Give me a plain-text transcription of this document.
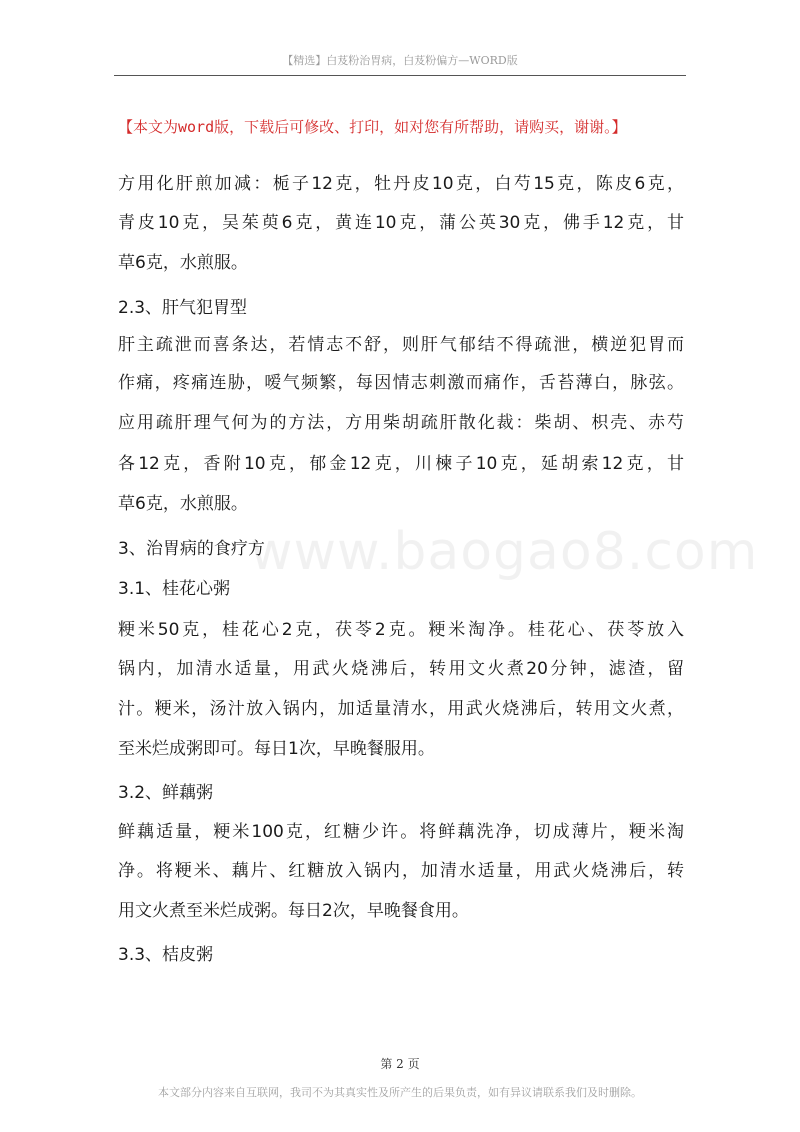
【精选】白芨粉治胃病，白芨粉偏方—WORD版
www.baogao8.com
【本文为word版，下载后可修改、打印，如对您有所帮助，请购买，谢谢。】
方用化肝煎加减：栀子12克，牡丹皮10克，白芍15克，陈皮6克，
青皮10克，吴茱萸6克，黄连10克，蒲公英30克，佛手12克，甘
草6克，水煎服。
2.3、肝气犯胃型
肝主疏泄而喜条达，若情志不舒，则肝气郁结不得疏泄，横逆犯胃而
作痛，疼痛连胁，嗳气频繁，每因情志刺激而痛作，舌苔薄白，脉弦。
应用疏肝理气何为的方法，方用柴胡疏肝散化裁：柴胡、枳壳、赤芍
各12克，香附10克，郁金12克，川楝子10克，延胡索12克，甘
草6克，水煎服。
3、治胃病的食疗方
3.1、桂花心粥
粳米50克，桂花心2克，茯苓2克。粳米淘净。桂花心、茯苓放入
锅内，加清水适量，用武火烧沸后，转用文火煮20分钟，滤渣，留
汁。粳米，汤汁放入锅内，加适量清水，用武火烧沸后，转用文火煮，
至米烂成粥即可。每日1次，早晚餐服用。
3.2、鲜藕粥
鲜藕适量，粳米100克，红糖少许。将鲜藕洗净，切成薄片，粳米淘
净。将粳米、藕片、红糖放入锅内，加清水适量，用武火烧沸后，转
用文火煮至米烂成粥。每日2次，早晚餐食用。
3.3、桔皮粥
第 2 页
本文部分内容来自互联网，我司不为其真实性及所产生的后果负责，如有异议请联系我们及时删除。
